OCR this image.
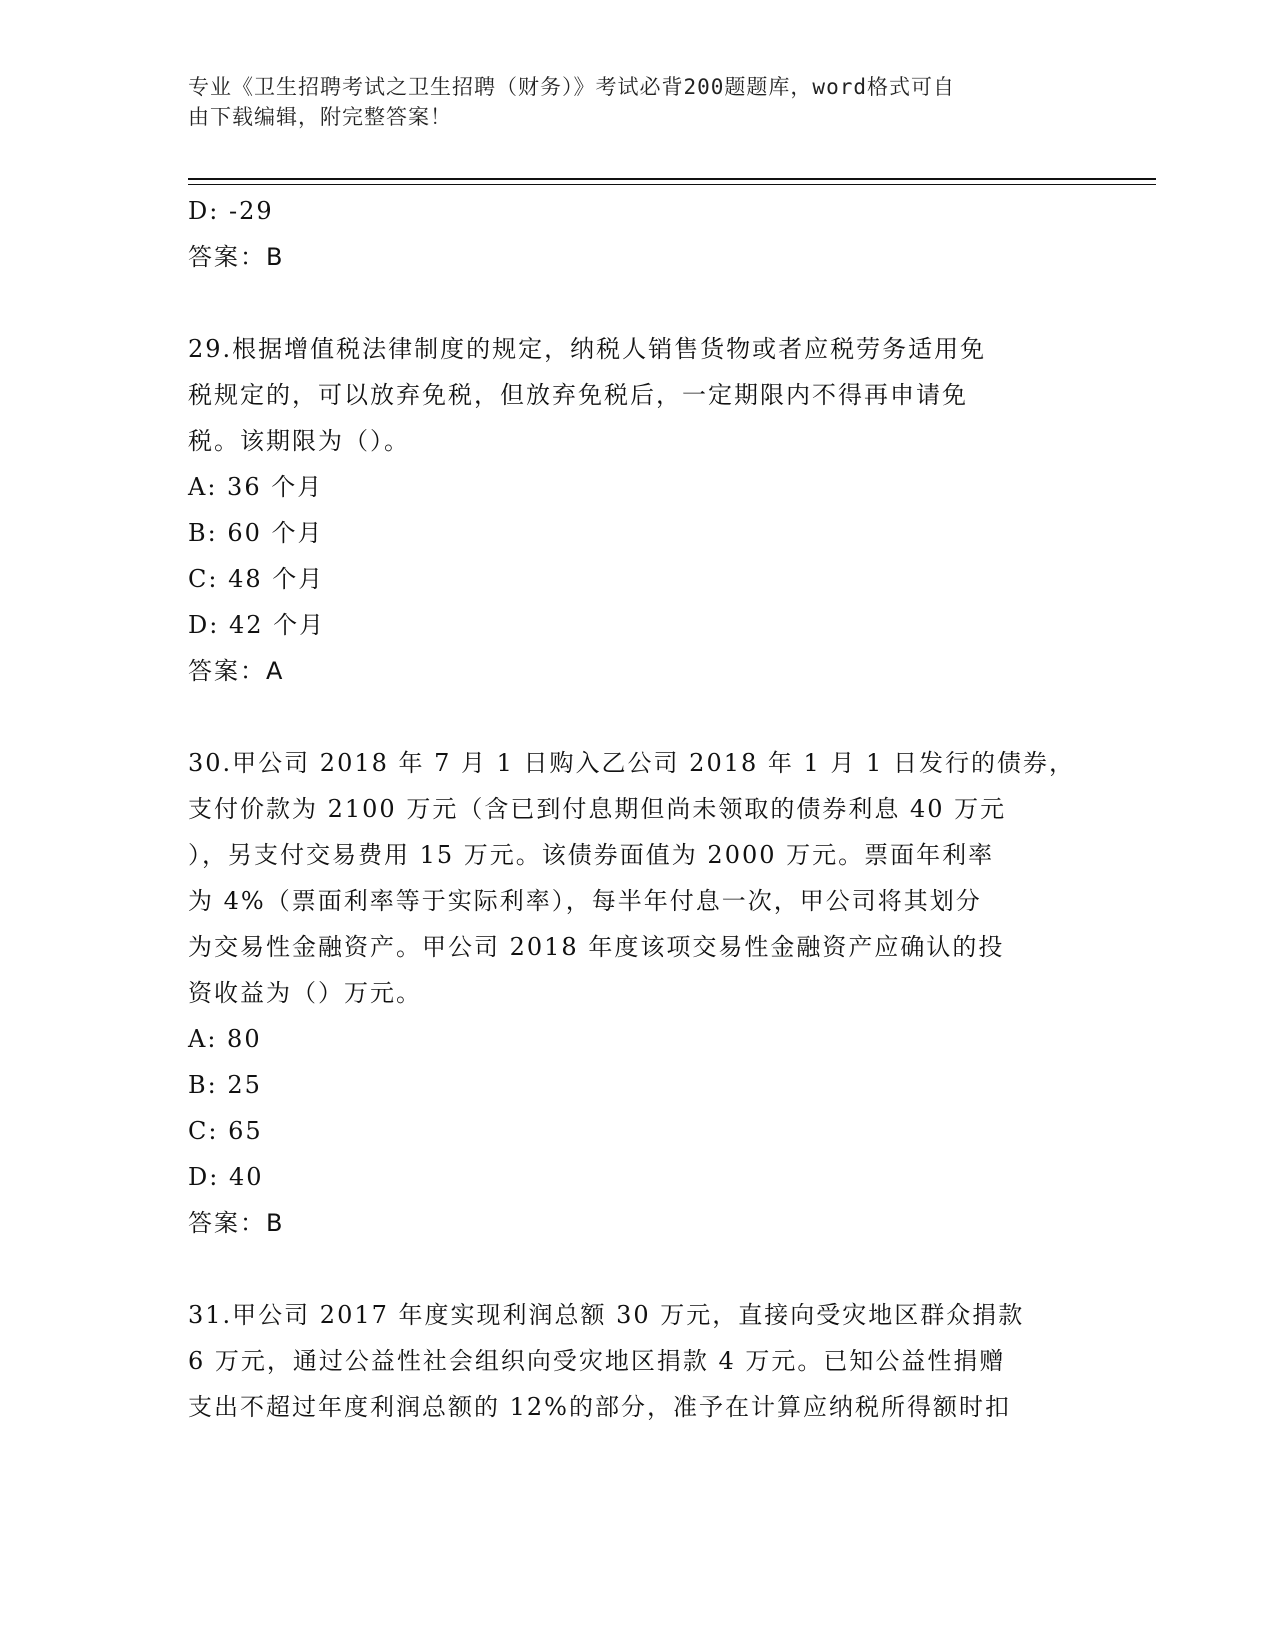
专业《卫生招聘考试之卫生招聘（财务）》考试必背200题题库，word格式可自
由下载编辑，附完整答案！
D: -29
答案：B
29.根据增值税法律制度的规定，纳税人销售货物或者应税劳务适用免
税规定的，可以放弃免税，但放弃免税后，一定期限内不得再申请免
税。该期限为（）。
A: 36 个月
B: 60 个月
C: 48 个月
D: 42 个月
答案：A
30.甲公司 2018 年 7 月 1 日购入乙公司 2018 年 1 月 1 日发行的债券，
支付价款为 2100 万元（含已到付息期但尚未领取的债券利息 40 万元
），另支付交易费用 15 万元。该债券面值为 2000 万元。票面年利率
为 4%（票面利率等于实际利率），每半年付息一次，甲公司将其划分
为交易性金融资产。甲公司 2018 年度该项交易性金融资产应确认的投
资收益为（）万元。
A: 80
B: 25
C: 65
D: 40
答案：B
31.甲公司 2017 年度实现利润总额 30 万元，直接向受灾地区群众捐款
6 万元，通过公益性社会组织向受灾地区捐款 4 万元。已知公益性捐赠
支出不超过年度利润总额的 12%的部分，准予在计算应纳税所得额时扣
